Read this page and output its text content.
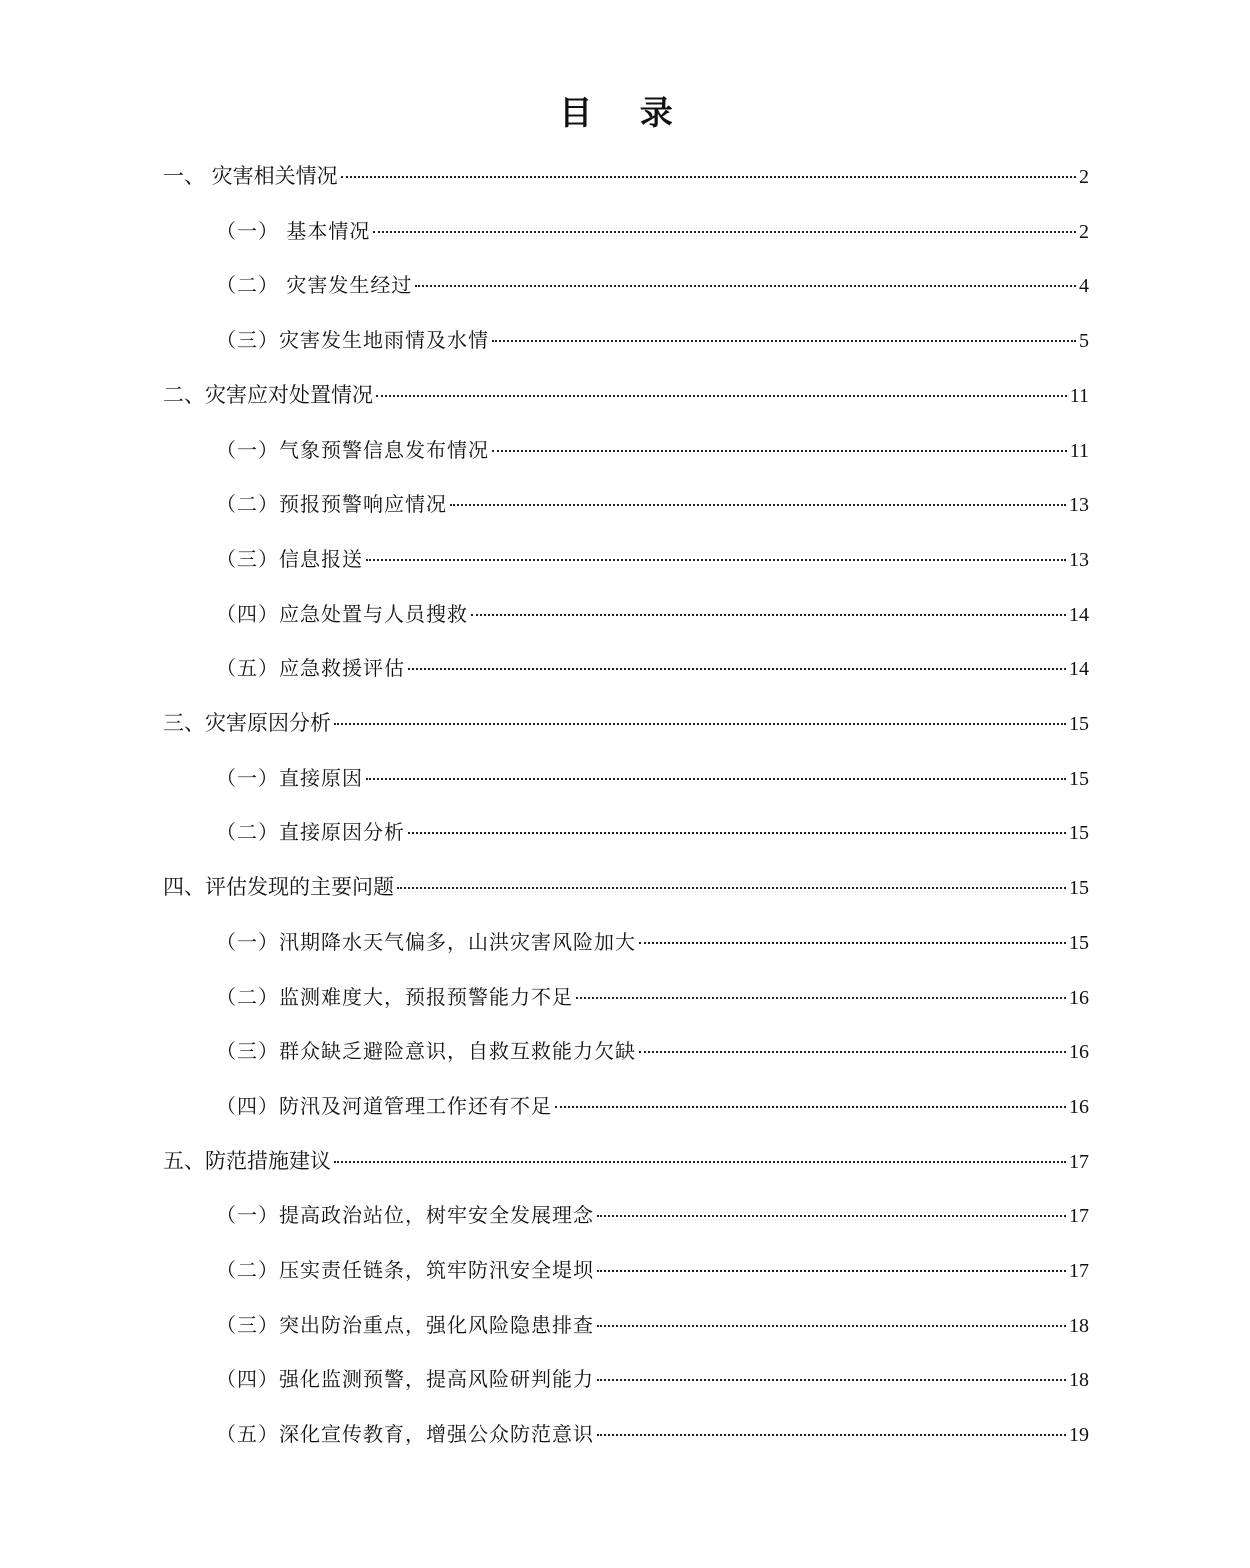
目 录
一、 灾害相关情况	2
（一） 基本情况	2
（二） 灾害发生经过	4
（三）灾害发生地雨情及水情	5
二、灾害应对处置情况	11
（一）气象预警信息发布情况	11
（二）预报预警响应情况	13
（三）信息报送	13
（四）应急处置与人员搜救	14
（五）应急救援评估	14
三、灾害原因分析	15
（一）直接原因	15
（二）直接原因分析	15
四、评估发现的主要问题	15
（一）汛期降水天气偏多，山洪灾害风险加大	15
（二）监测难度大，预报预警能力不足	16
（三）群众缺乏避险意识，自救互救能力欠缺	16
（四）防汛及河道管理工作还有不足	16
五、防范措施建议	17
（一）提高政治站位，树牢安全发展理念	17
（二）压实责任链条，筑牢防汛安全堤坝	17
（三）突出防治重点，强化风险隐患排查	18
（四）强化监测预警，提高风险研判能力	18
（五）深化宣传教育，增强公众防范意识	19
